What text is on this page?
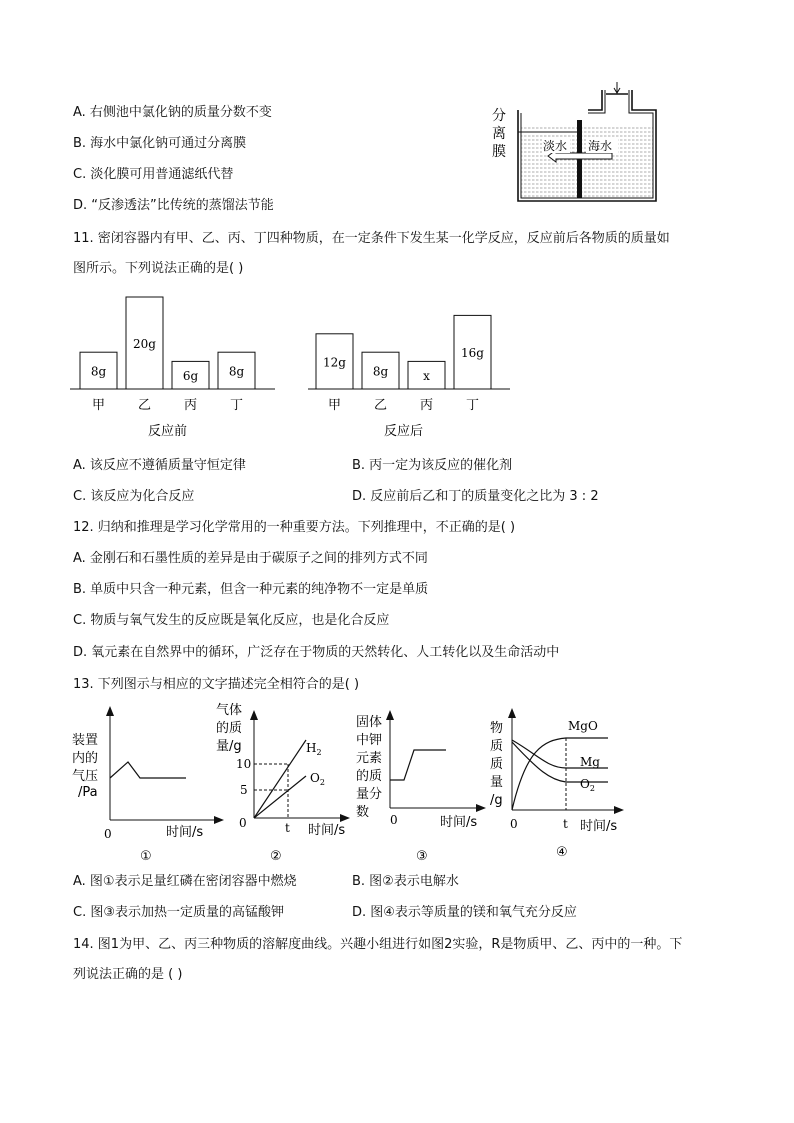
A. 右侧池中氯化钠的质量分数不变
B. 海水中氯化钠可通过分离膜
C. 淡化膜可用普通滤纸代替
D. “反渗透法”比传统的蒸馏法节能
分
离
膜	淡水 海水
11. 密闭容器内有甲、乙、丙、丁四种物质，在一定条件下发生某一化学反应，反应前后各物质的质量如
图所示。下列说法正确的是( )
8g
甲
20g
乙
6g
丙
8g
丁
反应前
12g
甲
8g
乙
x
丙
16g
丁
反应后
A. 该反应不遵循质量守恒定律	B. 丙一定为该反应的催化剂
C. 该反应为化合反应	D. 反应前后乙和丁的质量变化之比为 3 : 2
12. 归纳和推理是学习化学常用的一种重要方法。下列推理中，不正确的是( )
A. 金刚石和石墨性质的差异是由于碳原子之间的排列方式不同
B. 单质中只含一种元素，但含一种元素的纯净物不一定是单质
C. 物质与氧气发生的反应既是氧化反应，也是化合反应
D. 氧元素在自然界中的循环，广泛存在于物质的天然转化、人工转化以及生命活动中
13. 下列图示与相应的文字描述完全相符合的是( )
装置
内的
气压
/Pa
0	时间/s
①
气体
的质
量/g
10
5
0	t 时间/s
$H_2$
$O_2$
②
固体
中钾
元素
的质
量分
数 0	时间/s
③
物
质
质
量
/g
MgO
Mg
$O_2$
0	t 时间/s
④
A. 图①表示足量红磷在密闭容器中燃烧	B. 图②表示电解水
C. 图③表示加热一定质量的高锰酸钾	D. 图④表示等质量的镁和氧气充分反应
14. 图1为甲、乙、丙三种物质的溶解度曲线。兴趣小组进行如图2实验，R是物质甲、乙、丙中的一种。下
列说法正确的是 ( )
